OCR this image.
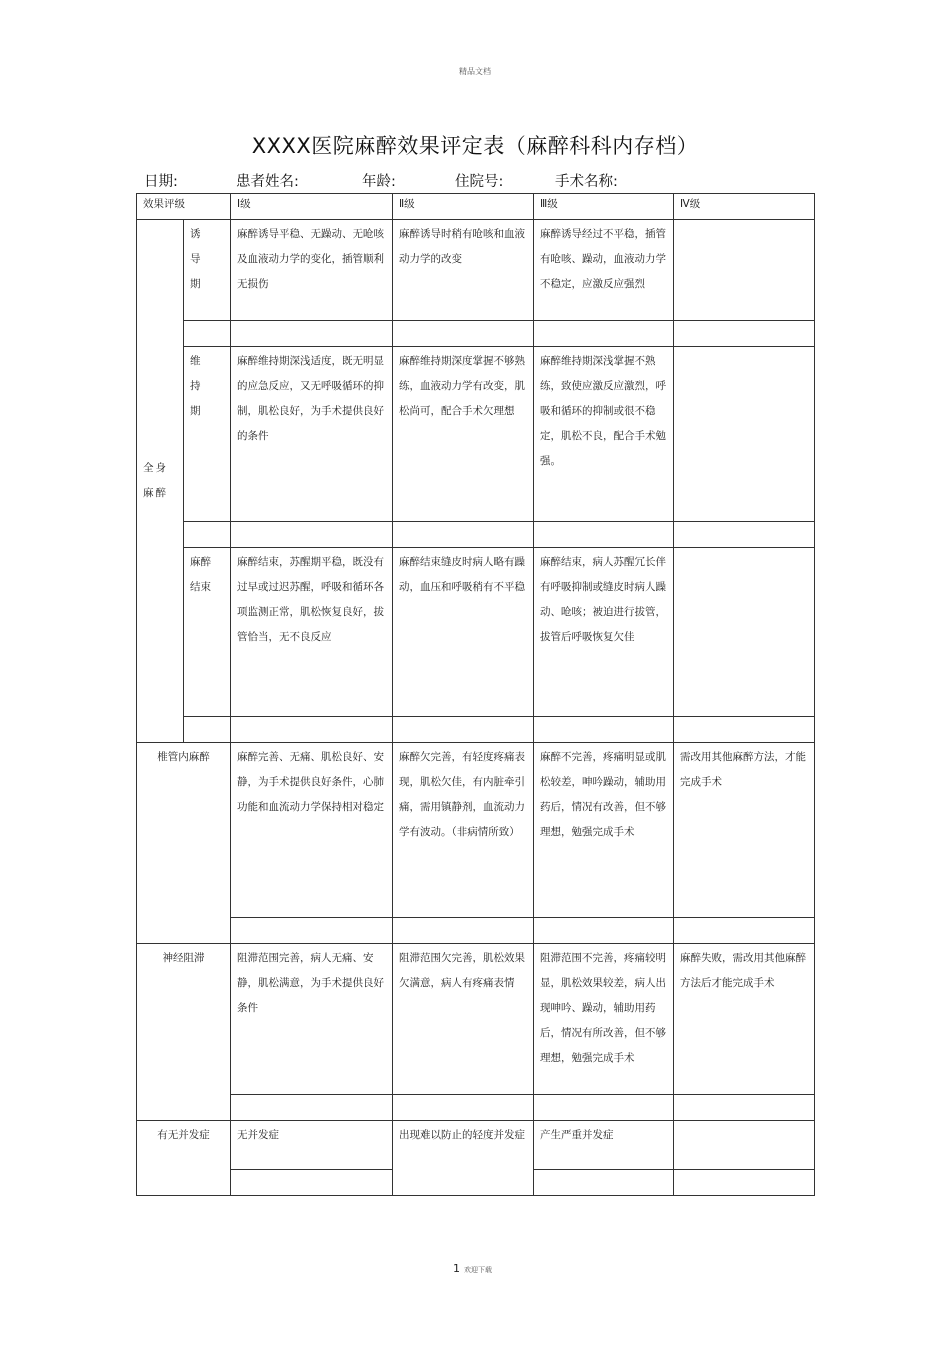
精品文档
XXXX医院麻醉效果评定表（麻醉科科内存档）
日期:	患者姓名:	年龄:	住院号:	手术名称:
效果评级		Ⅰ级	Ⅱ级	Ⅲ级	Ⅳ级

全身麻醉	诱导期	麻醉诱导平稳、无躁动、无呛咳及血液动力学的变化，插管顺利无损伤	麻醉诱导时稍有呛咳和血液动力学的改变	麻醉诱导经过不平稳，插管有呛咳、躁动，血液动力学不稳定，应激反应强烈	

	维持期	麻醉维持期深浅适度，既无明显的应急反应，又无呼吸循环的抑制，肌松良好，为手术提供良好的条件	麻醉维持期深度掌握不够熟练，血液动力学有改变，肌松尚可，配合手术欠理想	麻醉维持期深浅掌握不熟练，致使应激反应激烈，呼吸和循环的抑制或很不稳定，肌松不良，配合手术勉强。	

	麻醉结束	麻醉结束，苏醒期平稳，既没有过早或过迟苏醒，呼吸和循环各项监测正常，肌松恢复良好，拔管恰当，无不良反应	麻醉结束缝皮时病人略有躁动，血压和呼吸稍有不平稳	麻醉结束，病人苏醒冗长伴有呼吸抑制或缝皮时病人躁动、呛咳；被迫进行拔管，拔管后呼吸恢复欠佳	

椎管内麻醉		麻醉完善、无痛、肌松良好、安静，为手术提供良好条件，心肺功能和血流动力学保持相对稳定	麻醉欠完善，有轻度疼痛表现，肌松欠佳，有内脏牵引痛，需用镇静剂，血流动力学有波动。（非病情所致）	麻醉不完善，疼痛明显或肌松较差，呻吟躁动，辅助用药后，情况有改善，但不够理想，勉强完成手术	需改用其他麻醉方法，才能完成手术

神经阻滞		阻滞范围完善，病人无痛、安静，肌松满意，为手术提供良好条件	阻滞范围欠完善，肌松效果欠满意，病人有疼痛表情	阻滞范围不完善，疼痛较明显，肌松效果较差，病人出现呻吟、躁动，辅助用药后，情况有所改善，但不够理想，勉强完成手术	麻醉失败，需改用其他麻醉方法后才能完成手术

有无并发症		无并发症	出现难以防止的轻度并发症	产生严重并发症	

1 欢迎下载
